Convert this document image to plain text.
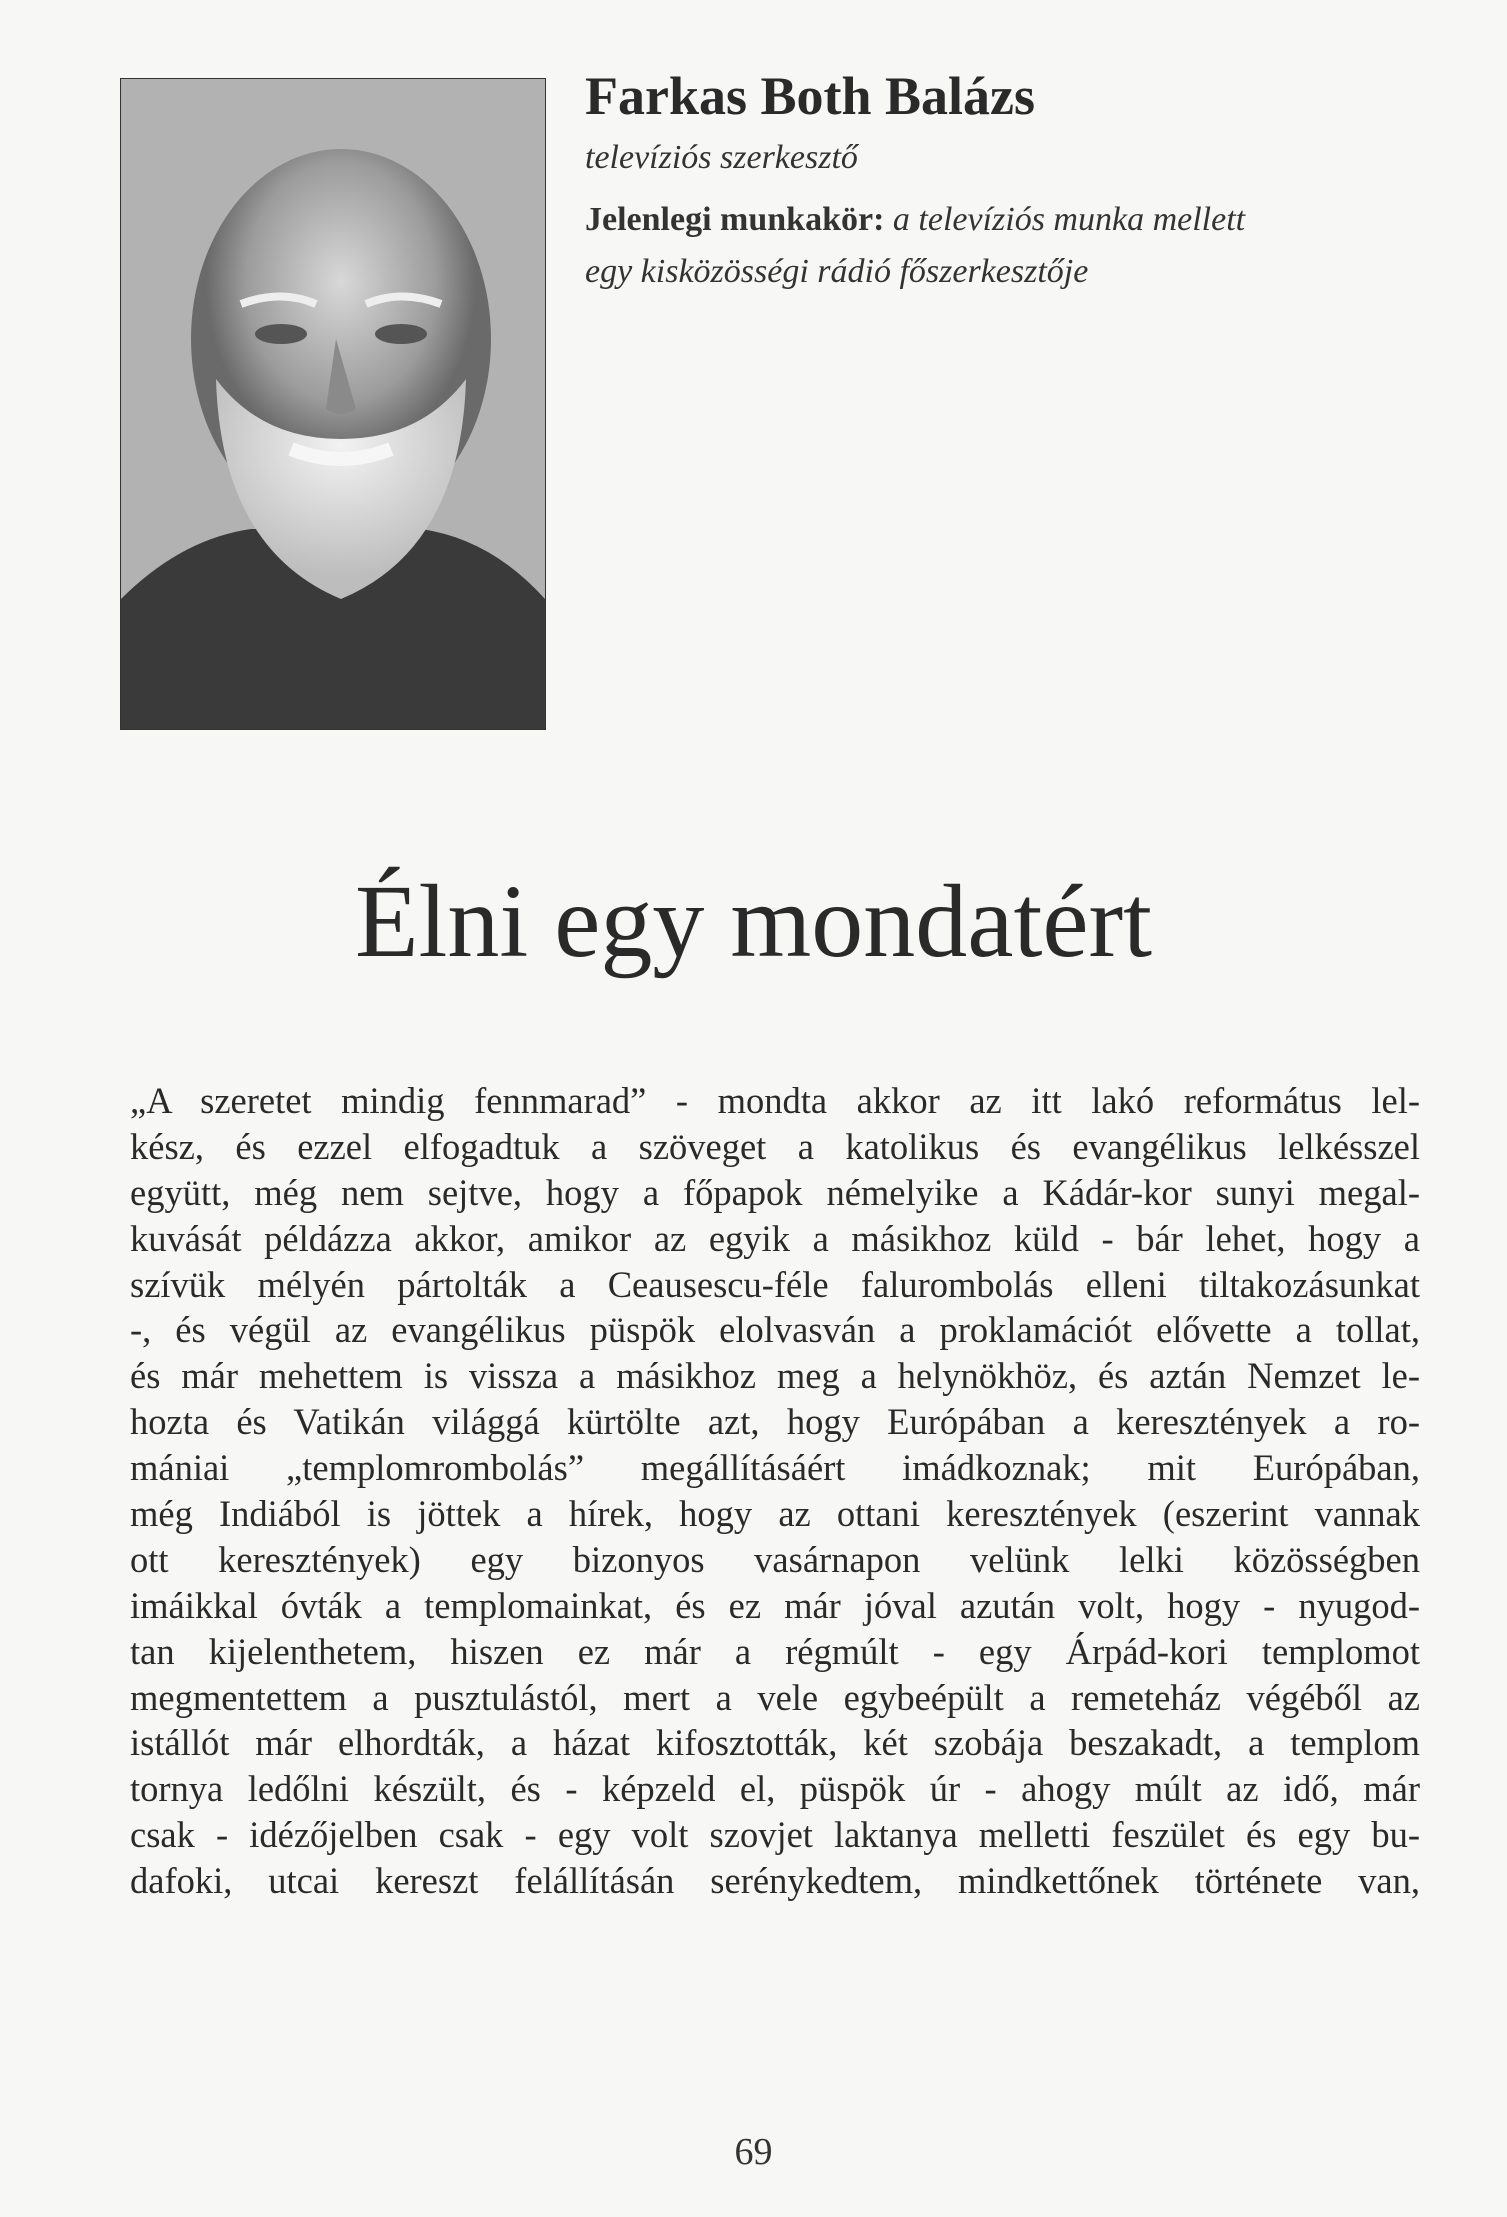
Farkas Both Balázs
televíziós szerkesztő
Jelenlegi munkakör: a televíziós munka mellett
egy kisközösségi rádió főszerkesztője
Élni egy mondatért
„A szeretet mindig fennmarad” - mondta akkor az itt lakó református lel-
kész, és ezzel elfogadtuk a szöveget a katolikus és evangélikus lelkésszel
együtt, még nem sejtve, hogy a főpapok némelyike a Kádár-kor sunyi megal-
kuvását példázza akkor, amikor az egyik a másikhoz küld - bár lehet, hogy a
szívük mélyén pártolták a Ceausescu-féle falurombolás elleni tiltakozásunkat
-, és végül az evangélikus püspök elolvasván a proklamációt elővette a tollat,
és már mehettem is vissza a másikhoz meg a helynökhöz, és aztán Nemzet le-
hozta és Vatikán világgá kürtölte azt, hogy Európában a keresztények a ro-
mániai „templomrombolás” megállításáért imádkoznak; mit Európában,
még Indiából is jöttek a hírek, hogy az ottani keresztények (eszerint vannak
ott keresztények) egy bizonyos vasárnapon velünk lelki közösségben
imáikkal óvták a templomainkat, és ez már jóval azután volt, hogy - nyugod-
tan kijelenthetem, hiszen ez már a régmúlt - egy Árpád-kori templomot
megmentettem a pusztulástól, mert a vele egybeépült a remeteház végéből az
istállót már elhordták, a házat kifosztották, két szobája beszakadt, a templom
tornya ledőlni készült, és - képzeld el, püspök úr - ahogy múlt az idő, már
csak - idézőjelben csak - egy volt szovjet laktanya melletti feszület és egy bu-
dafoki, utcai kereszt felállításán serénykedtem, mindkettőnek története van,
69
